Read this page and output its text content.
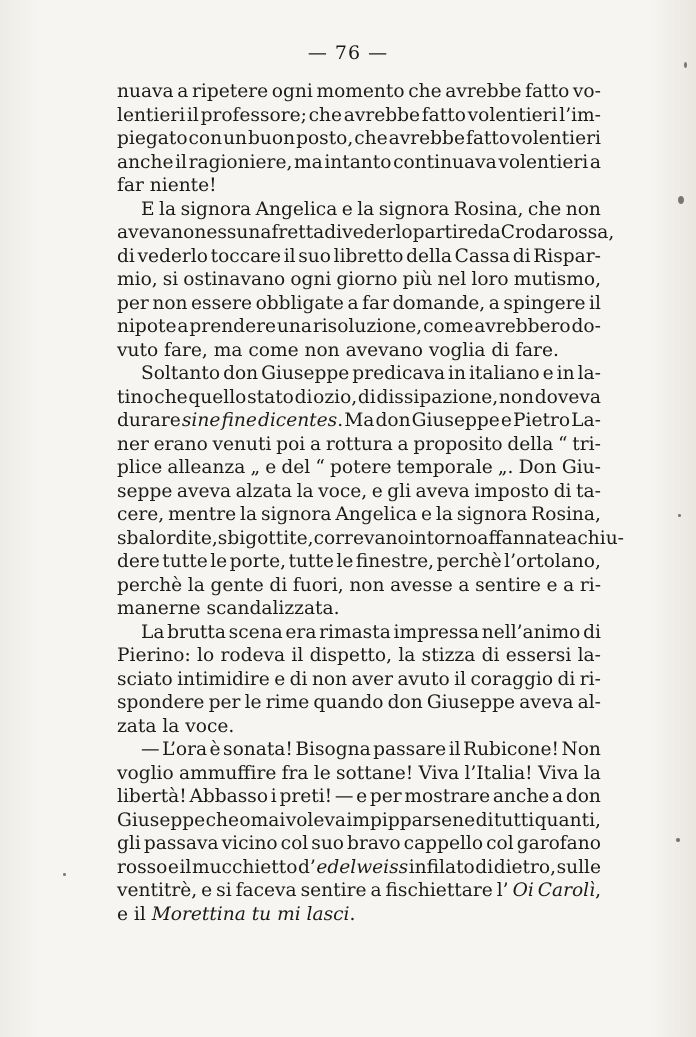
— 76 —
nuava a ripetere ogni momento che avrebbe fatto vo-
lentieri il professore; che avrebbe fatto volentieri l’im-
piegato con un buon posto, che avrebbe fatto volentieri
anche il ragioniere, ma intanto continuava volentieri a
far niente!
E la signora Angelica e la signora Rosina, che non
avevano nessuna fretta di vederlo partire da Crodarossa,
di vederlo toccare il suo libretto della Cassa di Rispar-
mio, si ostinavano ogni giorno più nel loro mutismo,
per non essere obbligate a far domande, a spingere il
nipote a prendere una risoluzione, come avrebbero do-
vuto fare, ma come non avevano voglia di fare.
Soltanto don Giuseppe predicava in italiano e in la-
tino che quello stato di ozio, di dissipazione, non doveva
durare sine fine dicentes. Ma don Giuseppe e Pietro La-
ner erano venuti poi a rottura a proposito della “ tri-
plice alleanza „ e del “ potere temporale „. Don Giu-
seppe aveva alzata la voce, e gli aveva imposto di ta-
cere, mentre la signora Angelica e la signora Rosina,
sbalordite, sbigottite, correvano intorno affannate a chiu-
dere tutte le porte, tutte le finestre, perchè l’ortolano,
perchè la gente di fuori, non avesse a sentire e a ri-
manerne scandalizzata.
La brutta scena era rimasta impressa nell’animo di
Pierino: lo rodeva il dispetto, la stizza di essersi la-
sciato intimidire e di non aver avuto il coraggio di ri-
spondere per le rime quando don Giuseppe aveva al-
zata la voce.
— L’ora è sonata! Bisogna passare il Rubicone! Non
voglio ammuffire fra le sottane! Viva l’Italia! Viva la
libertà! Abbasso i preti! — e per mostrare anche a don
Giuseppe che omai voleva impipparsene di tutti quanti,
gli passava vicino col suo bravo cappello col garofano
rosso e il mucchietto d’ edelweiss infilato di dietro, sulle
ventitrè, e si faceva sentire a fischiettare l’ Oi Carolì,
e il Morettina tu mi lasci .
